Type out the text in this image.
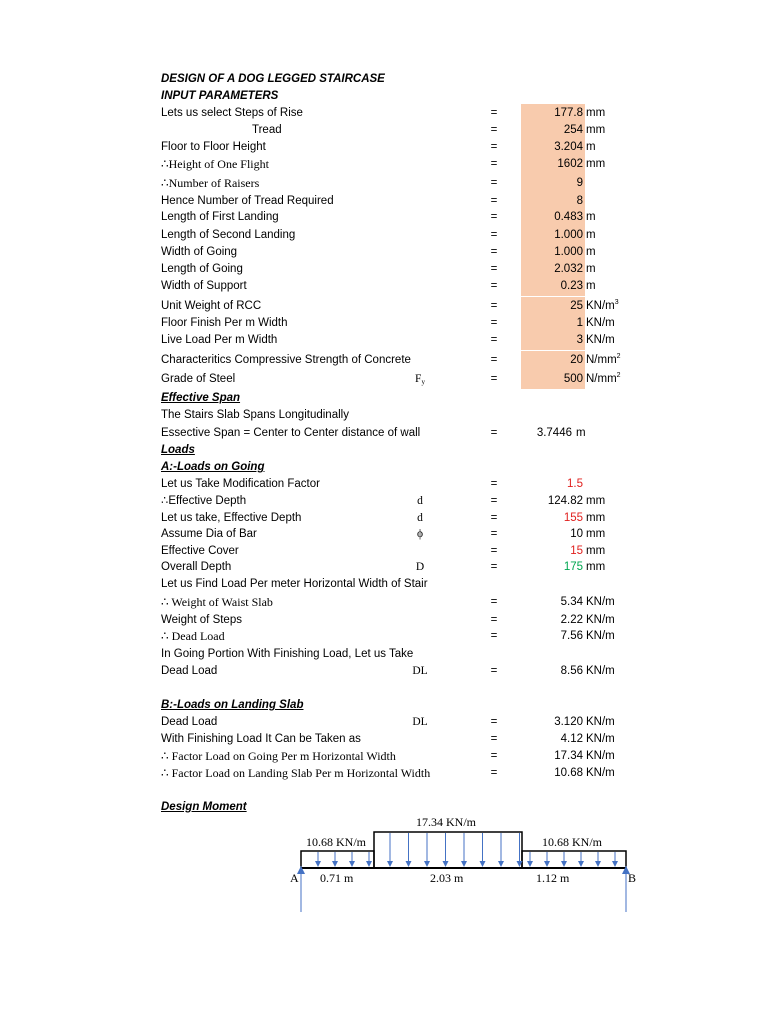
DESIGN OF A DOG LEGGED STAIRCASE
INPUT PARAMETERS
Lets us select Steps of Rise	=	177.8 mm
Tread	=	254 mm
Floor to Floor Height	=	3.204 m
∴Height of One Flight	=	1602 mm
∴Number of Raisers	=	9
Hence Number of Tread Required	=	8
Length of First Landing	=	0.483 m
Length of Second Landing	=	1.000 m
Width of Going	=	1.000 m
Length of Going	=	2.032 m
Width of Support	=	0.23 m
Unit Weight of RCC	=	25 $KN/m^3$
Floor Finish Per m Width	=	1 KN/m
Live Load Per m Width	=	3 KN/m
Characteritics Compressive Strength of Concrete	=	20 $N/mm^2$
Grade of Steel	$F_y$	=	500 $N/mm^2$
Effective Span
The Stairs Slab Spans Longitudinally
Essective Span = Center to Center distance of wall	=	3.7446 m
Loads
A:-Loads on Going
Let us Take Modification Factor	=	1.5
∴Effective Depth	d	=	124.82 mm
Let us take, Effective Depth	d	=	155 mm
Assume Dia of Bar	ϕ	=	10 mm
Effective Cover	=	15 mm
Overall Depth	D	=	175 mm
Let us Find Load Per meter Horizontal Width of Stair
∴ Weight of Waist Slab	=	5.34 KN/m
Weight of Steps	=	2.22 KN/m
∴ Dead Load	=	7.56 KN/m
In Going Portion With Finishing Load, Let us Take
Dead Load	DL	=	8.56 KN/m
B:-Loads on Landing Slab
Dead Load	DL	=	3.120 KN/m
With Finishing Load It Can be Taken as	=	4.12 KN/m
∴ Factor Load on Going Per m Horizontal Width	=	17.34 KN/m
∴ Factor Load on Landing Slab Per m Horizontal Width	=	10.68 KN/m
Design Moment
17.34 KN/m
10.68 KN/m	10.68 KN/m
A	B
0.71 m	2.03 m	1.12 m
